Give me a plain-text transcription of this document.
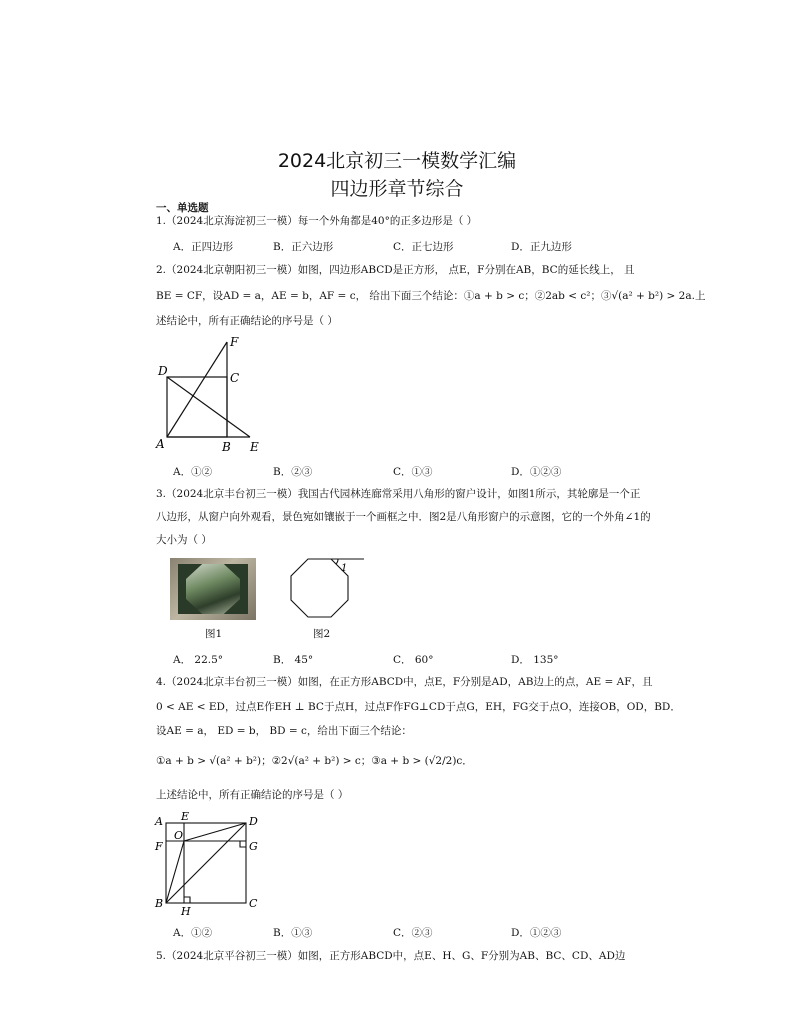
2024北京初三一模数学汇编
四边形章节综合
一、单选题
1.（2024北京海淀初三一模）每一个外角都是40°的正多边形是（ ）
A．正四边形	B．正六边形	C．正七边形	D．正九边形
2.（2024北京朝阳初三一模）如图，四边形ABCD是正方形， 点E，F分别在AB，BC的延长线上， 且
BE = CF，设AD = a，AE = b，AF = c， 给出下面三个结论：①a + b > c；②2ab < c²；③√(a² + b²) > 2a.上
述结论中，所有正确结论的序号是（ ）
D	C
F
A	B E
A．①②	B．②③	C．①③	D．①②③
3.（2024北京丰台初三一模）我国古代园林连廊常采用八角形的窗户设计，如图1所示，其轮廓是一个正
八边形，从窗户向外观看，景色宛如镶嵌于一个画框之中．图2是八角形窗户的示意图，它的一个外角∠1的
大小为（ ）
图1
1
图2
A． 22.5°	B． 45°	C． 60°	D． 135°
4.（2024北京丰台初三一模）如图，在正方形ABCD中，点E，F分别是AD，AB边上的点，AE = AF，且
0 < AE < ED，过点E作EH ⊥ BC于点H，过点F作FG⊥CD于点G，EH，FG交于点O，连接OB，OD，BD．
设AE = a， ED = b， BD = c，给出下面三个结论：
①a + b > √(a² + b²)；②2√(a² + b²) > c；③a + b > (√2/2)c．
上述结论中，所有正确结论的序号是（ ）
A E	D
O
F	G
B
H
C
A．①②	B．①③	C．②③	D．①②③
5.（2024北京平谷初三一模）如图，正方形ABCD中，点E、H、G、F分别为AB、BC、CD、AD边
